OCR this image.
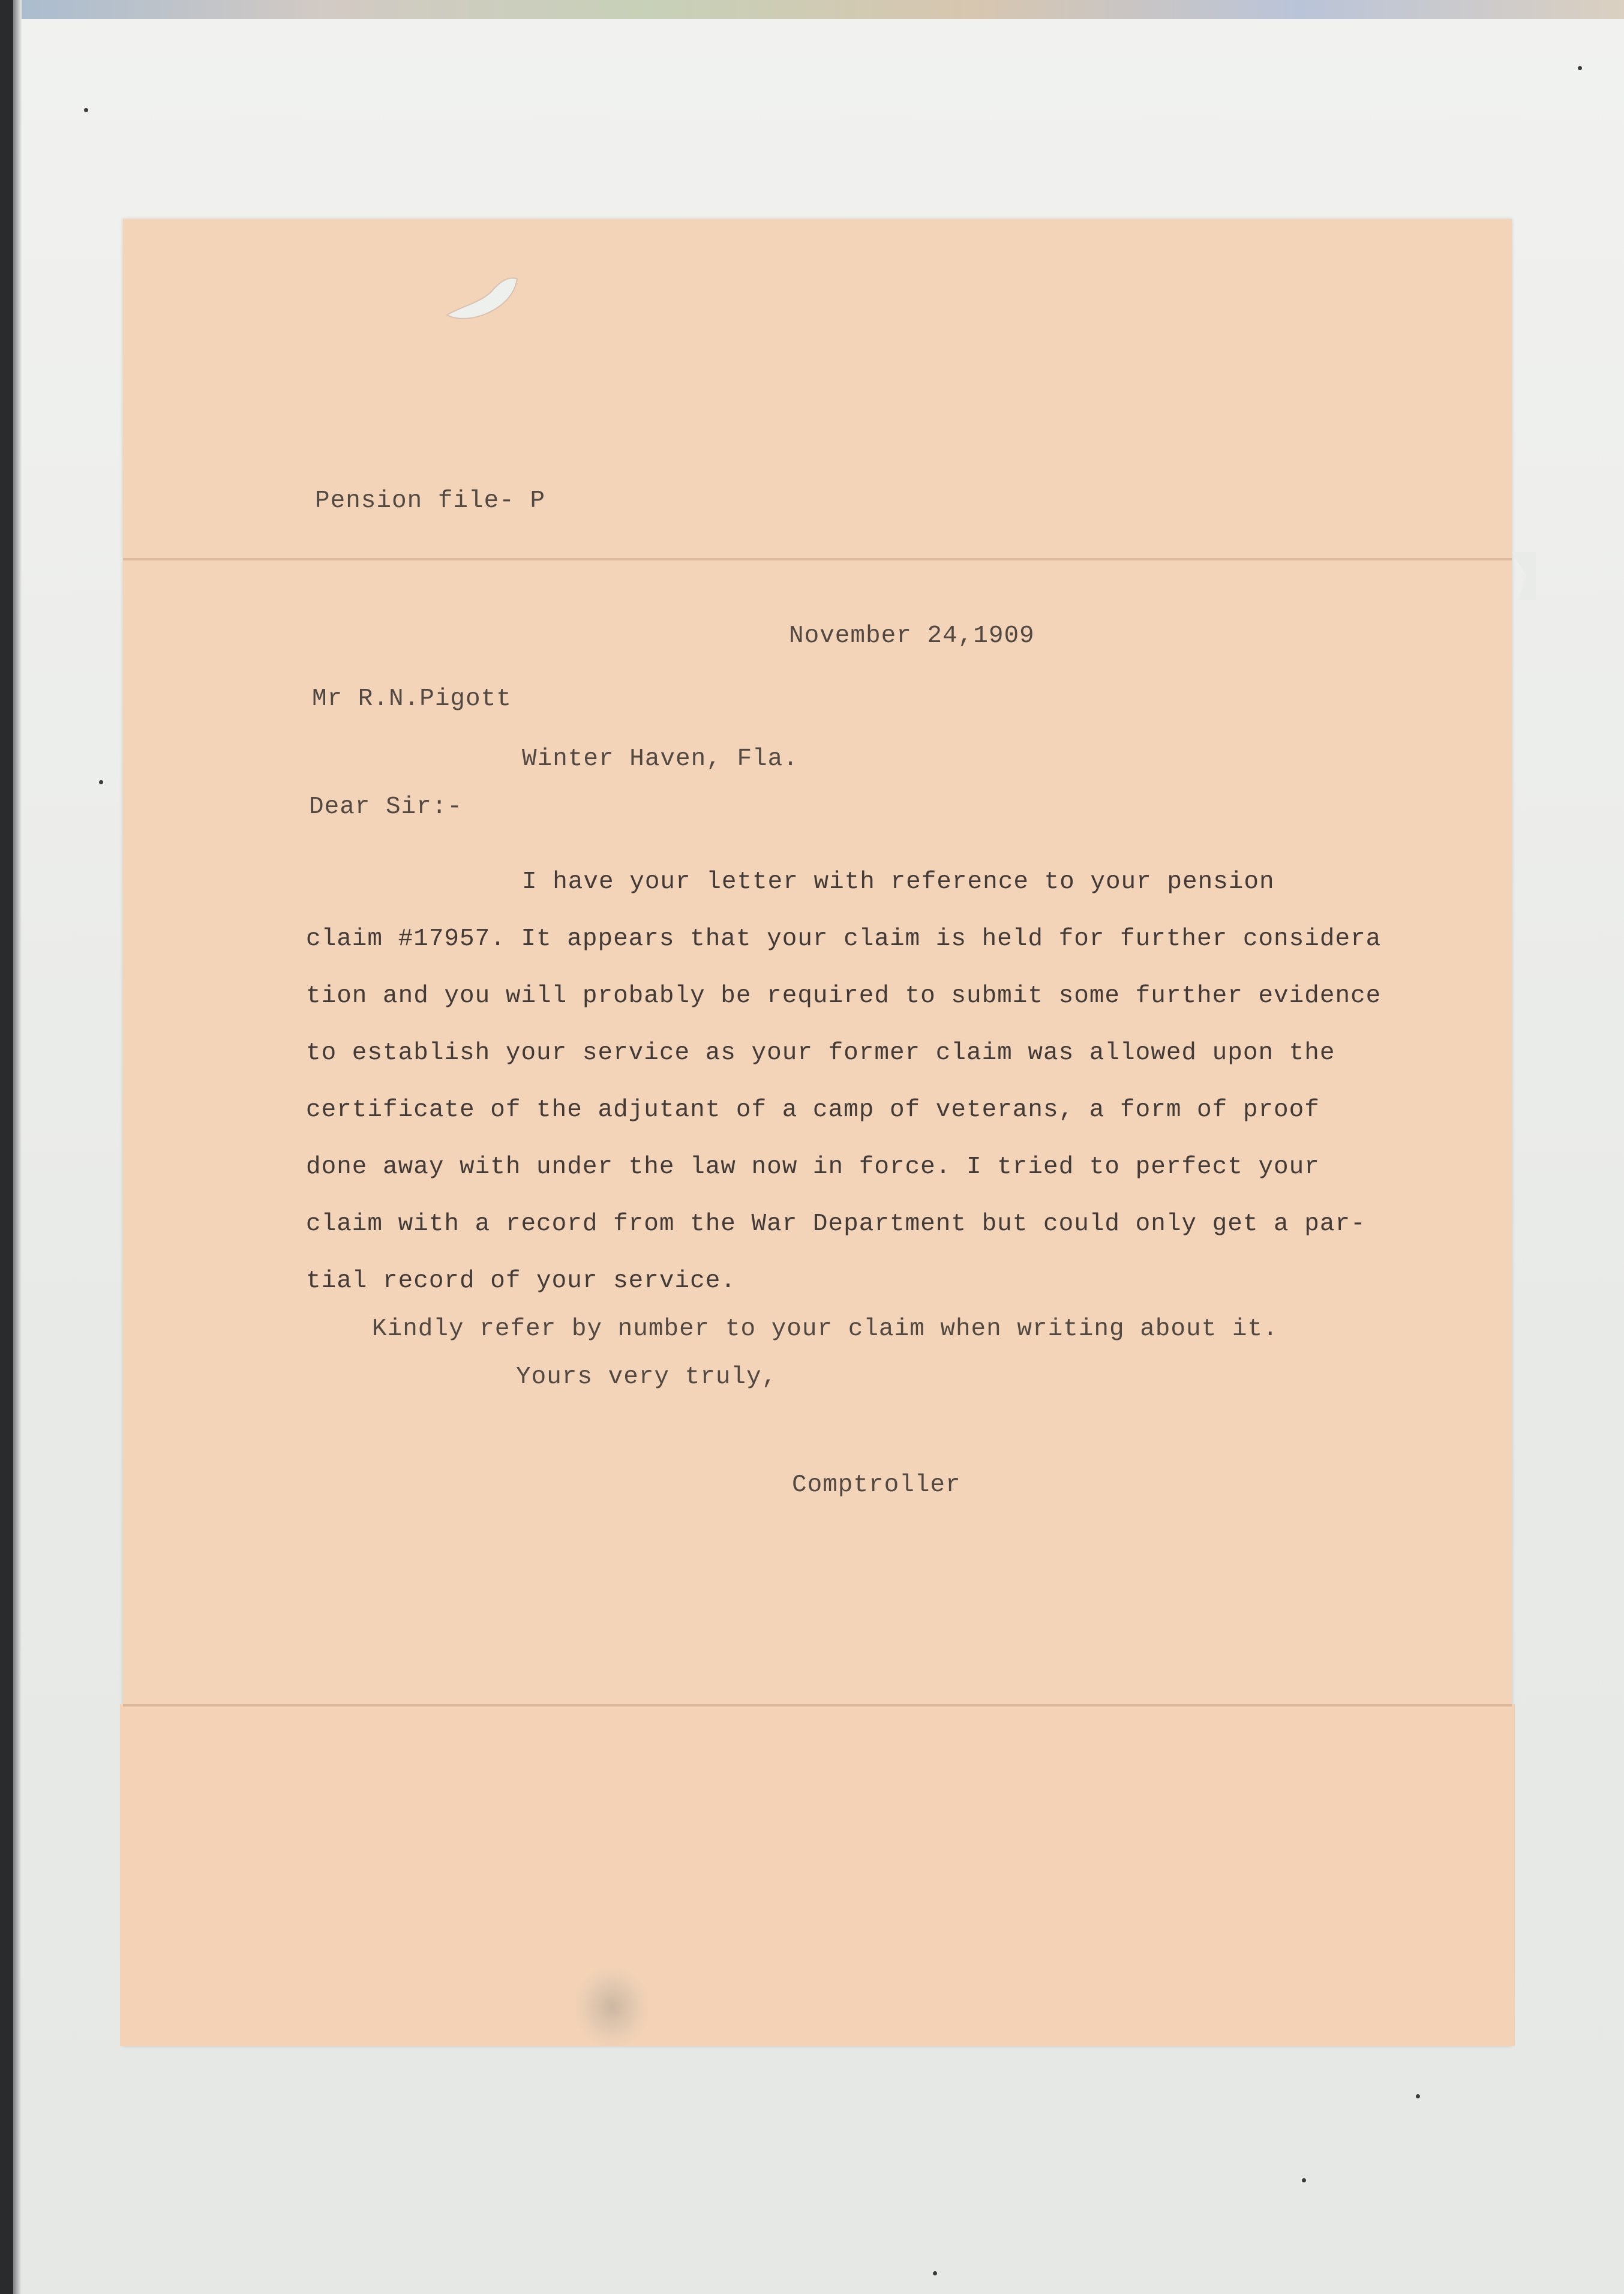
Pension file- P
November 24,1909
Mr R.N.Pigott
Winter Haven, Fla.
Dear Sir:-
I have your letter with reference to your pension
claim #17957. It appears that your claim is held for further considera
tion and you will probably be required to submit some further evidence
to establish your service as your former claim was allowed upon the
certificate of the adjutant of a camp of veterans, a form of proof
done away with under the law now in force. I tried to perfect your
claim with a record from the War Department but could only get a par-
tial record of your service.
Kindly refer by number to your claim when writing about it.
Yours very truly,
Comptroller
